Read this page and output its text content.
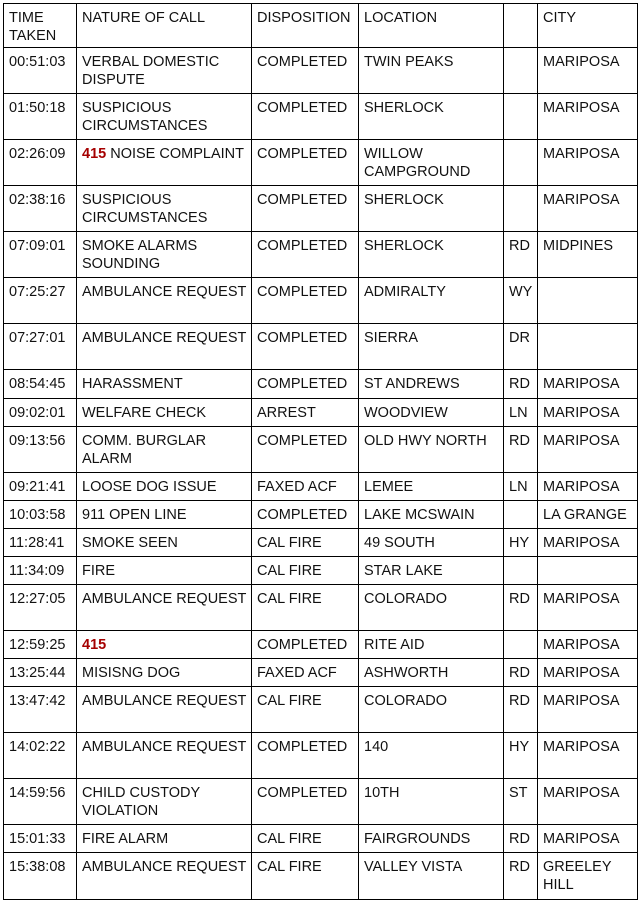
TIME TAKEN	NATURE OF CALL	DISPOSITION	LOCATION		CITY
00:51:03	VERBAL DOMESTIC DISPUTE	COMPLETED	TWIN PEAKS		MARIPOSA
01:50:18	SUSPICIOUS CIRCUMSTANCES	COMPLETED	SHERLOCK		MARIPOSA
02:26:09	415 NOISE COMPLAINT	COMPLETED	WILLOW CAMPGROUND		MARIPOSA
02:38:16	SUSPICIOUS CIRCUMSTANCES	COMPLETED	SHERLOCK		MARIPOSA
07:09:01	SMOKE ALARMS SOUNDING	COMPLETED	SHERLOCK	RD	MIDPINES
07:25:27	AMBULANCE REQUEST	COMPLETED	ADMIRALTY	WY	
07:27:01	AMBULANCE REQUEST	COMPLETED	SIERRA	DR	
08:54:45	HARASSMENT	COMPLETED	ST ANDREWS	RD	MARIPOSA
09:02:01	WELFARE CHECK	ARREST	WOODVIEW	LN	MARIPOSA
09:13:56	COMM. BURGLAR ALARM	COMPLETED	OLD HWY NORTH	RD	MARIPOSA
09:21:41	LOOSE DOG ISSUE	FAXED ACF	LEMEE	LN	MARIPOSA
10:03:58	911 OPEN LINE	COMPLETED	LAKE MCSWAIN		LA GRANGE
11:28:41	SMOKE SEEN	CAL FIRE	49 SOUTH	HY	MARIPOSA
11:34:09	FIRE	CAL FIRE	STAR LAKE		
12:27:05	AMBULANCE REQUEST	CAL FIRE	COLORADO	RD	MARIPOSA
12:59:25	415	COMPLETED	RITE AID		MARIPOSA
13:25:44	MISISNG DOG	FAXED ACF	ASHWORTH	RD	MARIPOSA
13:47:42	AMBULANCE REQUEST	CAL FIRE	COLORADO	RD	MARIPOSA
14:02:22	AMBULANCE REQUEST	COMPLETED	140	HY	MARIPOSA
14:59:56	CHILD CUSTODY VIOLATION	COMPLETED	10TH	ST	MARIPOSA
15:01:33	FIRE ALARM	CAL FIRE	FAIRGROUNDS	RD	MARIPOSA
15:38:08	AMBULANCE REQUEST	CAL FIRE	VALLEY VISTA	RD	GREELEY HILL
